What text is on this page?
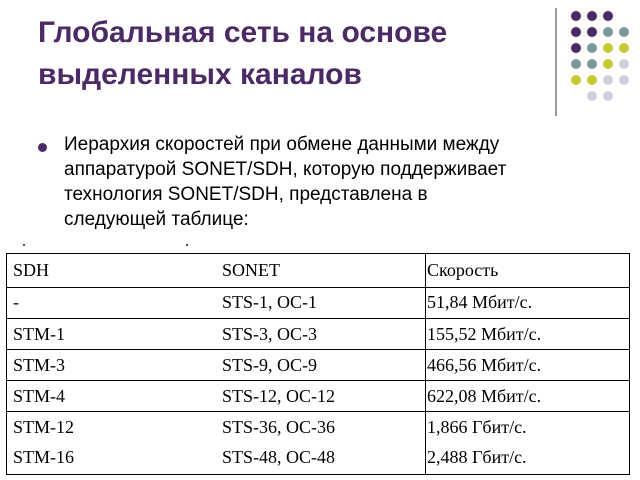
Глобальная сеть на основе
выделенных каналов
Иерархия скоростей при обмене данными между
аппаратурой SONET/SDH, которую поддерживает
технология SONET/SDH, представлена в
следующей таблице:
SDH	SONET	Скорость
-	STS-1, OC-1	51,84 Мбит/с.
STM-1	STS-3, OC-3	155,52 Мбит/с.
STM-3	STS-9, OC-9	466,56 Мбит/с.
STM-4	STS-12, OC-12	622,08 Мбит/с.
STM-12	STS-36, OC-36	1,866 Гбит/с.
STM-16	STS-48, OC-48	2,488 Гбит/с.
